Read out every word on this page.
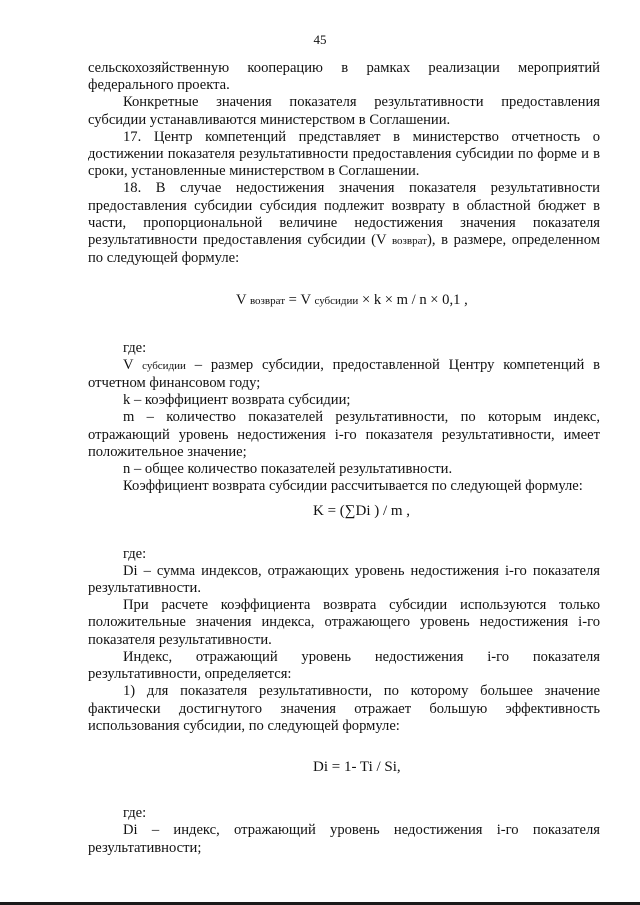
45

сельскохозяйственную кооперацию в рамках реализации мероприятий федерального проекта.

Конкретные значения показателя результативности предоставления субсидии устанавливаются министерством в Соглашении.

17. Центр компетенций представляет в министерство отчетность о достижении показателя результативности предоставления субсидии по форме и в сроки, установленные министерством в Соглашении.

18. В случае недостижения значения показателя результативности предоставления субсидии субсидия подлежит возврату в областной бюджет в части, пропорциональной величине недостижения значения показателя результативности предоставления субсидии (V возврат), в размере, определенном по следующей формуле:

V возврат = V субсидии × k × m / n × 0,1 ,

где:

V субсидии – размер субсидии, предоставленной Центру компетенций в отчетном финансовом году;

k – коэффициент возврата субсидии;

m – количество показателей результативности, по которым индекс, отражающий уровень недостижения i-го показателя результативности, имеет положительное значение;

n – общее количество показателей результативности.

Коэффициент возврата субсидии рассчитывается по следующей формуле:

K = (∑Di ) / m ,

где:

Di – сумма индексов, отражающих уровень недостижения i-го показателя результативности.

При расчете коэффициента возврата субсидии используются только положительные значения индекса, отражающего уровень недостижения i-го показателя результативности.

Индекс, отражающий уровень недостижения i-го показателя результативности, определяется:

1) для показателя результативности, по которому большее значение фактически достигнутого значения отражает большую эффективность использования субсидии, по следующей формуле:

Di = 1- Ti / Si,

где:

Di – индекс, отражающий уровень недостижения i-го показателя результативности;
